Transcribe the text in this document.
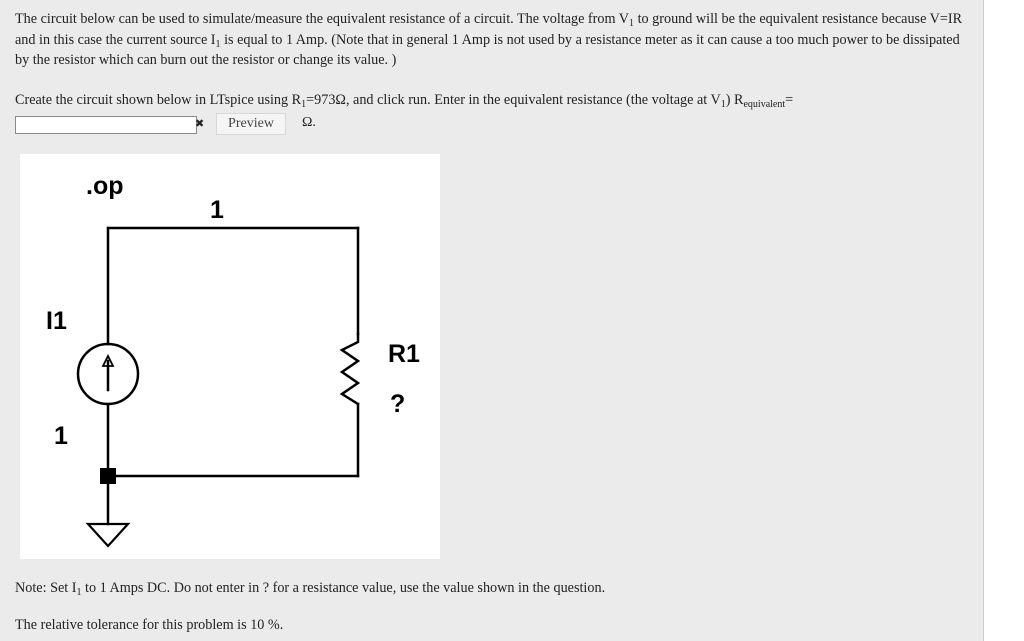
The circuit below can be used to simulate/measure the equivalent resistance of a circuit. The voltage from $V_1$ to ground will be the equivalent resistance because V=IR and in this case the current source $I_1$ is equal to 1 Amp. (Note that in general 1 Amp is not used by a resistance meter as it can cause a too much power to be dissipated by the resistor which can burn out the resistor or change its value. )
Create the circuit shown below in LTspice using $R_1=973\Omega$, and click run. Enter in the equivalent resistance (the voltage at $V_1$) $R_{equivalent}=$
✖	Preview	Ω.
.op
1
I1
1
R1
?
Note: Set $I_1$ to 1 Amps DC. Do not enter in ? for a resistance value, use the value shown in the question.
The relative tolerance for this problem is 10 %.
